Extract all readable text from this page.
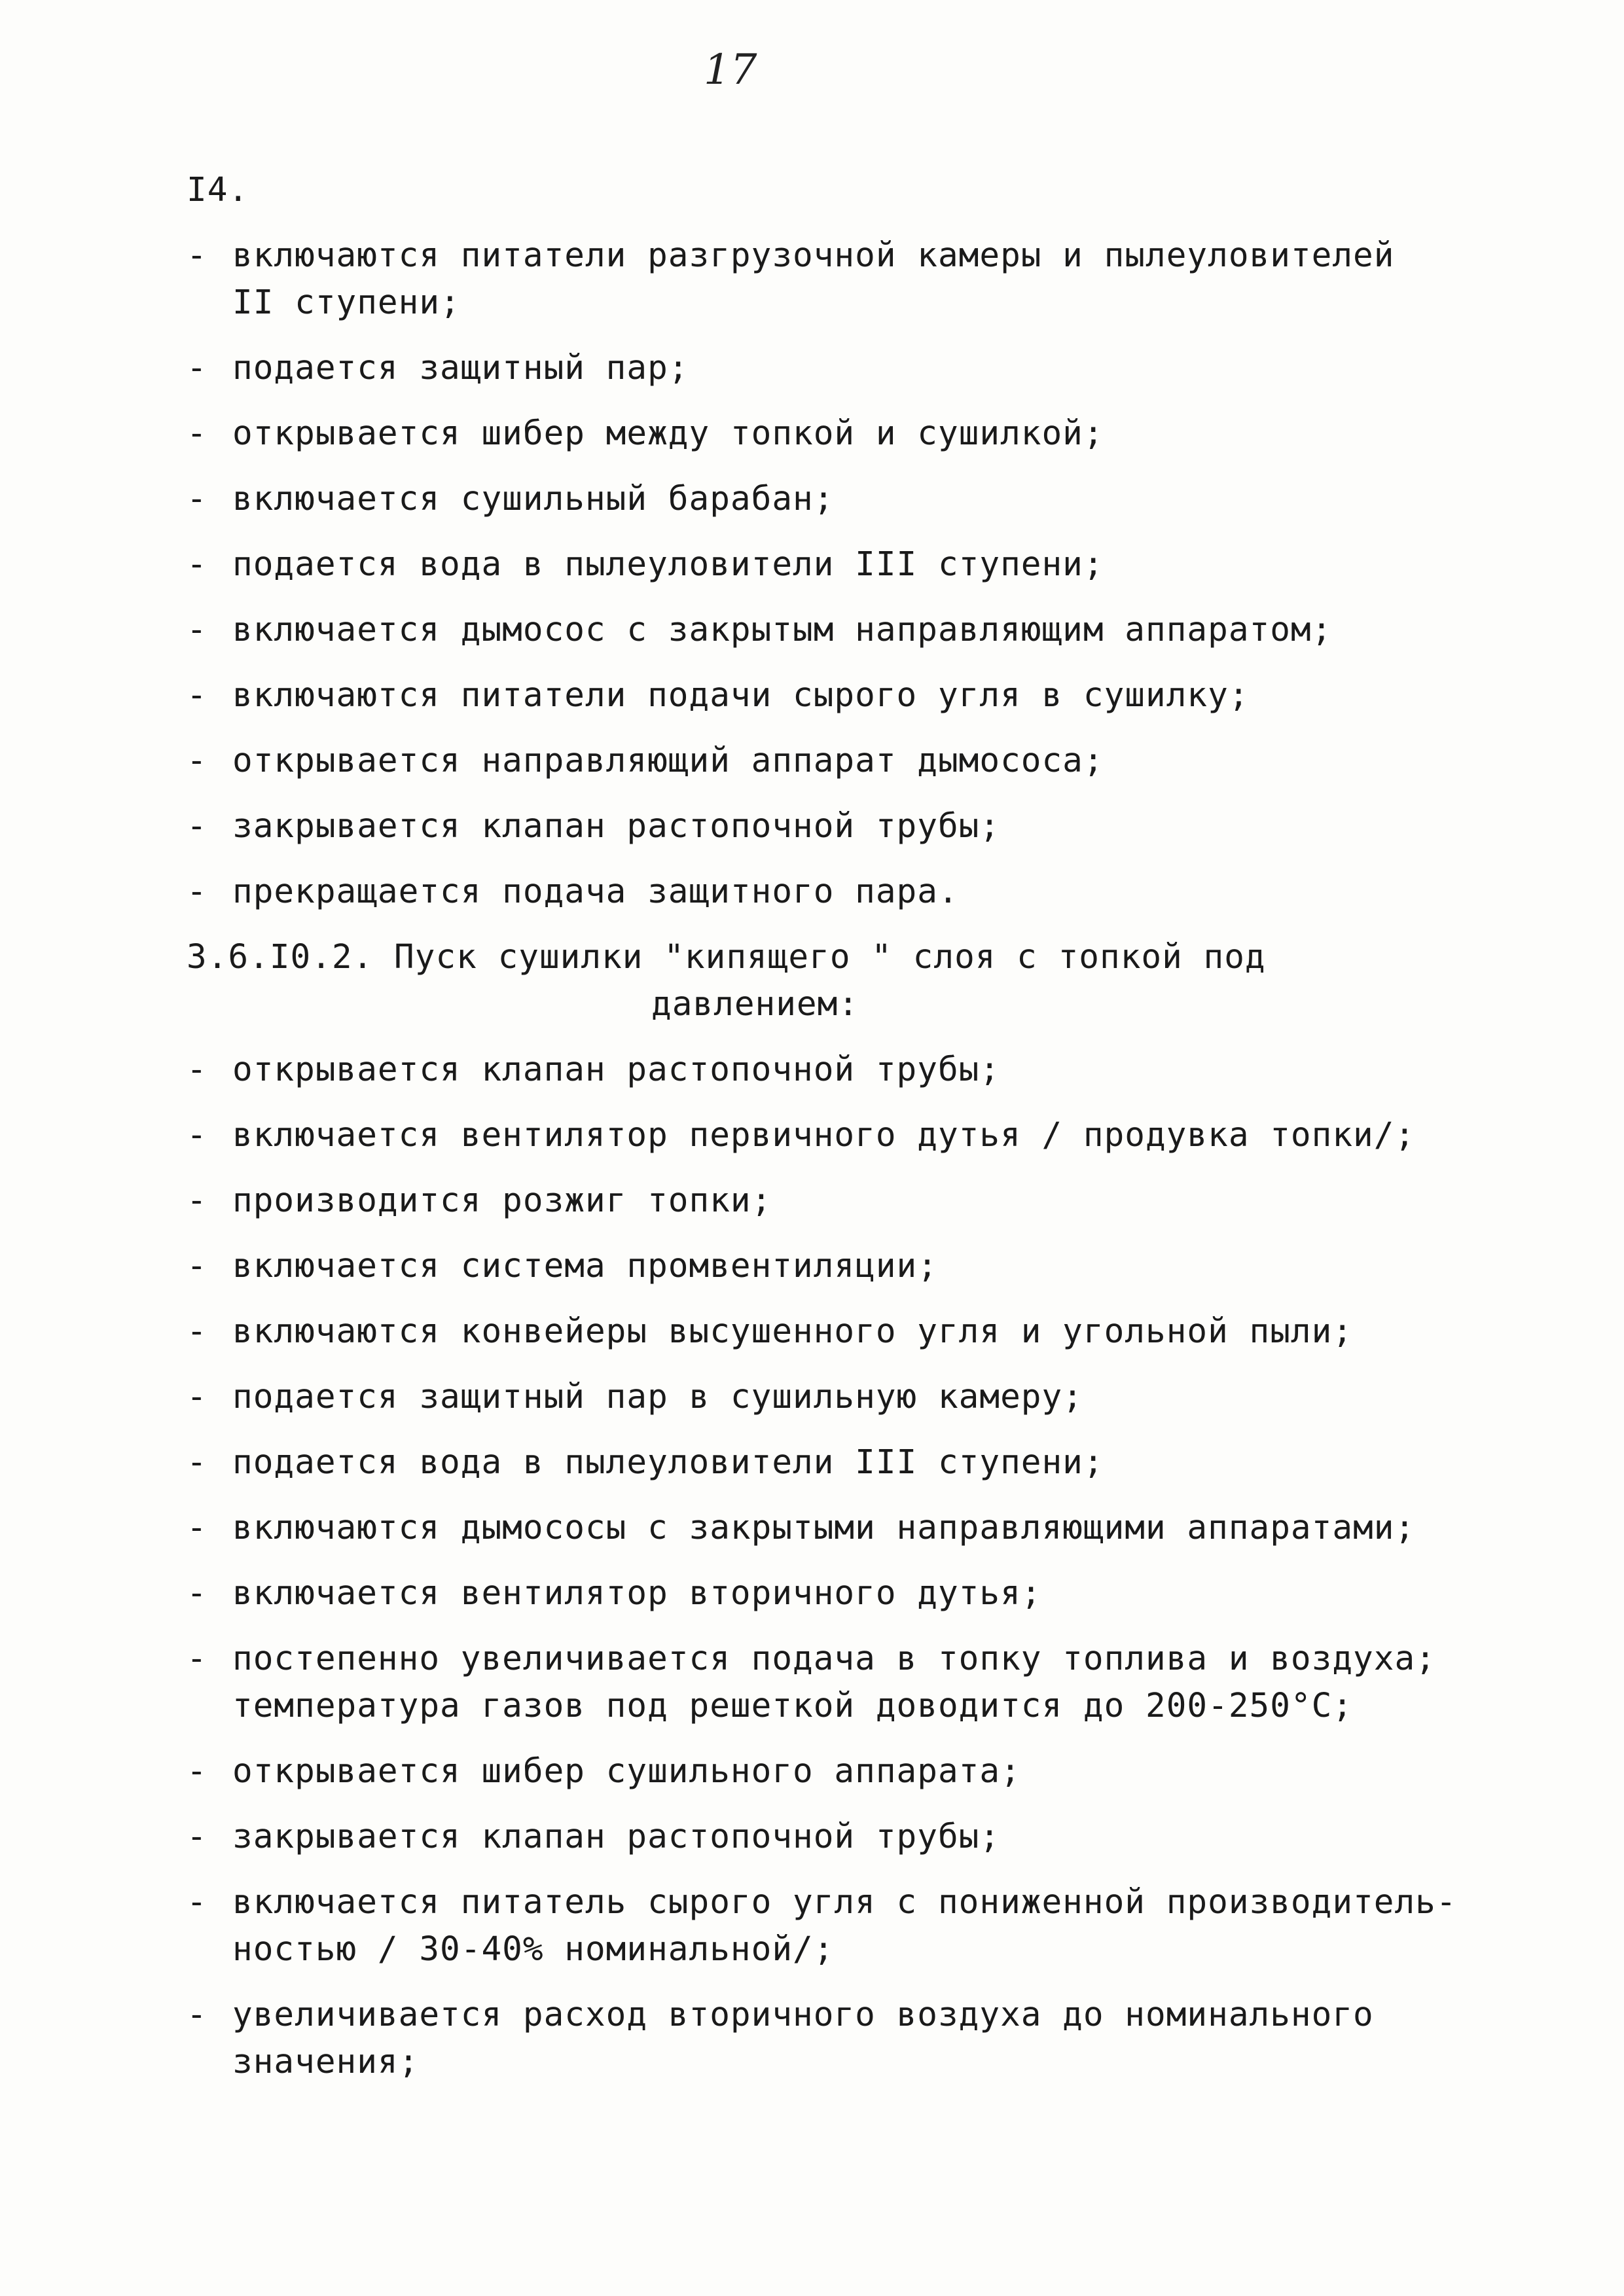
17
I4.
- включаются питатели разгрузочной камеры и пылеуловителей
II ступени;
- подается защитный пар;
- открывается шибер между топкой и сушилкой;
- включается сушильный барабан;
- подается вода в пылеуловители III ступени;
- включается дымосос с закрытым направляющим аппаратом;
- включаются питатели подачи сырого угля в сушилку;
- открывается направляющий аппарат дымососа;
- закрывается клапан растопочной трубы;
- прекращается подача защитного пара.
3.6.I0.2. Пуск сушилки "кипящего " слоя с топкой под
давлением:
- открывается клапан растопочной трубы;
- включается вентилятор первичного дутья / продувка топки/;
- производится розжиг топки;
- включается система промвентиляции;
- включаются конвейеры высушенного угля и угольной пыли;
- подается защитный пар в сушильную камеру;
- подается вода в пылеуловители III ступени;
- включаются дымососы с закрытыми направляющими аппаратами;
- включается вентилятор вторичного дутья;
- постепенно увеличивается подача в топку топлива и воздуха;
температура газов под решеткой доводится до 200-250°С;
- открывается шибер сушильного аппарата;
- закрывается клапан растопочной трубы;
- включается питатель сырого угля с пониженной производитель-
ностью / 30-40% номинальной/;
- увеличивается расход вторичного воздуха до номинального
значения;
